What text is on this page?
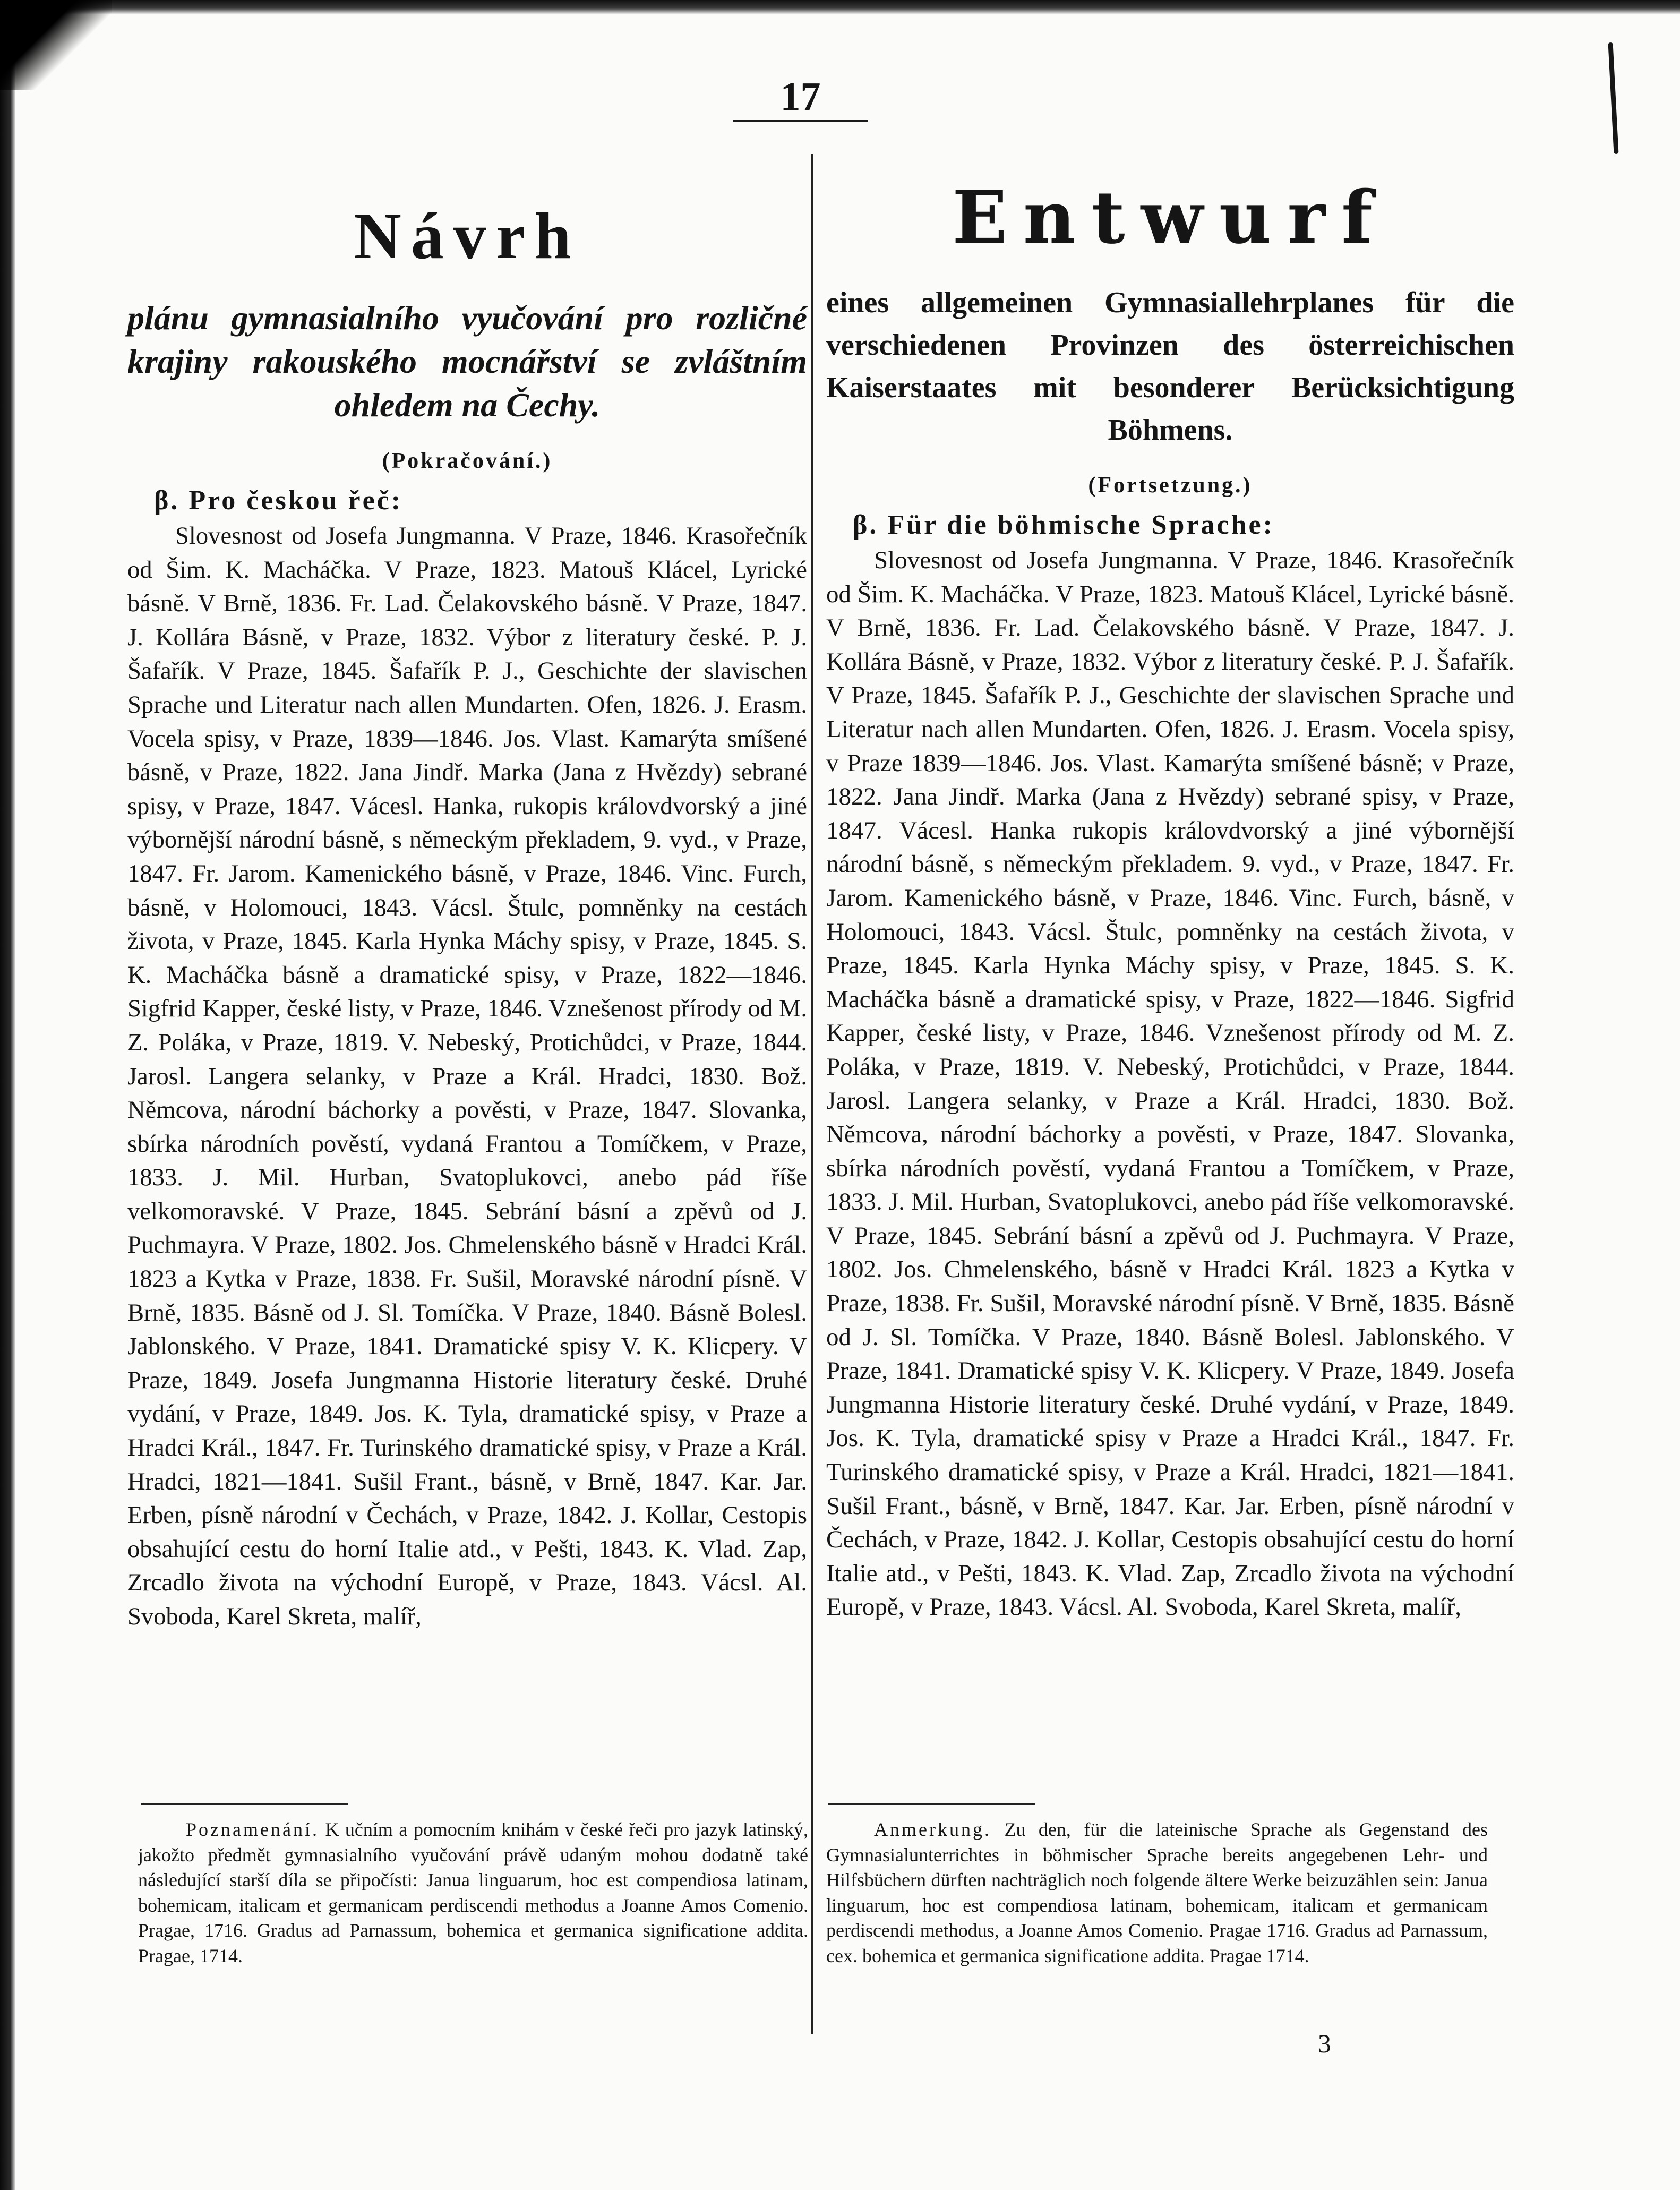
17
Návrh

plánu gymnasialního vyučování pro rozličné krajiny rakouského mocnářství se zvláštním ohledem na Čechy.

(Pokračování.)

β. Pro českou řeč:

Slovesnost od Josefa Jungmanna. V Praze, 1846. Krasořečník od Šim. K. Macháčka. V Praze, 1823. Matouš Klácel, Lyrické básně. V Brně, 1836. Fr. Lad. Čelakovského básně. V Praze, 1847. J. Kollára Básně, v Praze, 1832. Výbor z literatury české. P. J. Šafařík. V Praze, 1845. Šafařík P. J., Geschichte der slavischen Sprache und Literatur nach allen Mundarten. Ofen, 1826. J. Erasm. Vocela spisy, v Praze, 1839—1846. Jos. Vlast. Kamarýta smíšené básně, v Praze, 1822. Jana Jindř. Marka (Jana z Hvězdy) sebrané spisy, v Praze, 1847. Vácesl. Hanka, rukopis královdvorský a jiné výbornější národní básně, s německým překladem, 9. vyd., v Praze, 1847. Fr. Jarom. Kamenického básně, v Praze, 1846. Vinc. Furch, básně, v Holomouci, 1843. Vácsl. Štulc, pomněnky na cestách života, v Praze, 1845. Karla Hynka Máchy spisy, v Praze, 1845. S. K. Macháčka básně a dramatické spisy, v Praze, 1822—1846. Sigfrid Kapper, české listy, v Praze, 1846. Vznešenost přírody od M. Z. Poláka, v Praze, 1819. V. Nebeský, Protichůdci, v Praze, 1844. Jarosl. Langera selanky, v Praze a Král. Hradci, 1830. Bož. Němcova, národní báchorky a pověsti, v Praze, 1847. Slovanka, sbírka národních pověstí, vydaná Frantou a Tomíčkem, v Praze, 1833. J. Mil. Hurban, Svatoplukovci, anebo pád říše velkomoravské. V Praze, 1845. Sebrání básní a zpěvů od J. Puchmayra. V Praze, 1802. Jos. Chmelenského básně v Hradci Král. 1823 a Kytka v Praze, 1838. Fr. Sušil, Moravské národní písně. V Brně, 1835. Básně od J. Sl. Tomíčka. V Praze, 1840. Básně Bolesl. Jablonského. V Praze, 1841. Dramatické spisy V. K. Klicpery. V Praze, 1849. Josefa Jungmanna Historie literatury české. Druhé vydání, v Praze, 1849. Jos. K. Tyla, dramatické spisy, v Praze a Hradci Král., 1847. Fr. Turinského dramatické spisy, v Praze a Král. Hradci, 1821—1841. Sušil Frant., básně, v Brně, 1847. Kar. Jar. Erben, písně národní v Čechách, v Praze, 1842. J. Kollar, Cestopis obsahující cestu do horní Italie atd., v Pešti, 1843. K. Vlad. Zap, Zrcadlo života na východní Europě, v Praze, 1843. Vácsl. Al. Svoboda, Karel Skreta, malíř,

Entwurf

eines allgemeinen Gymnasiallehrplanes für die verschiedenen Provinzen des österreichischen Kaiserstaates mit besonderer Berücksichtigung Böhmens.

(Fortsetzung.)

β. Für die böhmische Sprache:

Slovesnost od Josefa Jungmanna. V Praze, 1846. Krasořečník od Šim. K. Macháčka. V Praze, 1823. Matouš Klácel, Lyrické básně. V Brně, 1836. Fr. Lad. Čelakovského básně. V Praze, 1847. J. Kollára Básně, v Praze, 1832. Výbor z literatury české. P. J. Šafařík. V Praze, 1845. Šafařík P. J., Geschichte der slavischen Sprache und Literatur nach allen Mundarten. Ofen, 1826. J. Erasm. Vocela spisy, v Praze 1839—1846. Jos. Vlast. Kamarýta smíšené básně; v Praze, 1822. Jana Jindř. Marka (Jana z Hvězdy) sebrané spisy, v Praze, 1847. Vácesl. Hanka rukopis královdvorský a jiné výbornější národní básně, s německým překladem. 9. vyd., v Praze, 1847. Fr. Jarom. Kamenického básně, v Praze, 1846. Vinc. Furch, básně, v Holomouci, 1843. Vácsl. Štulc, pomněnky na cestách života, v Praze, 1845. Karla Hynka Máchy spisy, v Praze, 1845. S. K. Macháčka básně a dramatické spisy, v Praze, 1822—1846. Sigfrid Kapper, české listy, v Praze, 1846. Vznešenost přírody od M. Z. Poláka, v Praze, 1819. V. Nebeský, Protichůdci, v Praze, 1844. Jarosl. Langera selanky, v Praze a Král. Hradci, 1830. Bož. Němcova, národní báchorky a pověsti, v Praze, 1847. Slovanka, sbírka národních pověstí, vydaná Frantou a Tomíčkem, v Praze, 1833. J. Mil. Hurban, Svatoplukovci, anebo pád říše velkomoravské. V Praze, 1845. Sebrání básní a zpěvů od J. Puchmayra. V Praze, 1802. Jos. Chmelenského, básně v Hradci Král. 1823 a Kytka v Praze, 1838. Fr. Sušil, Moravské národní písně. V Brně, 1835. Básně od J. Sl. Tomíčka. V Praze, 1840. Básně Bolesl. Jablonského. V Praze, 1841. Dramatické spisy V. K. Klicpery. V Praze, 1849. Josefa Jungmanna Historie literatury české. Druhé vydání, v Praze, 1849. Jos. K. Tyla, dramatické spisy v Praze a Hradci Král., 1847. Fr. Turinského dramatické spisy, v Praze a Král. Hradci, 1821—1841. Sušil Frant., básně, v Brně, 1847. Kar. Jar. Erben, písně národní v Čechách, v Praze, 1842. J. Kollar, Cestopis obsahující cestu do horní Italie atd., v Pešti, 1843. K. Vlad. Zap, Zrcadlo života na východní Europě, v Praze, 1843. Vácsl. Al. Svoboda, Karel Skreta, malíř,

Poznamenání. K učním a pomocním knihám v české řeči pro jazyk latinský, jakožto předmět gymnasialního vyučování právě udaným mohou dodatně také následující starší díla se připočísti: Janua linguarum, hoc est compendiosa latinam, bohemicam, italicam et germanicam perdiscendi methodus a Joanne Amos Comenio. Pragae, 1716. Gradus ad Parnassum, bohemica et germanica significatione addita. Pragae, 1714.
Anmerkung. Zu den, für die lateinische Sprache als Gegenstand des Gymnasialunterrichtes in böhmischer Sprache bereits angegebenen Lehr- und Hilfsbüchern dürften nachträglich noch folgende ältere Werke beizuzählen sein: Janua linguarum, hoc est compendiosa latinam, bohemicam, italicam et germanicam perdiscendi methodus, a Joanne Amos Comenio. Pragae 1716. Gradus ad Parnassum, cex. bohemica et germanica significatione addita. Pragae 1714.
3
